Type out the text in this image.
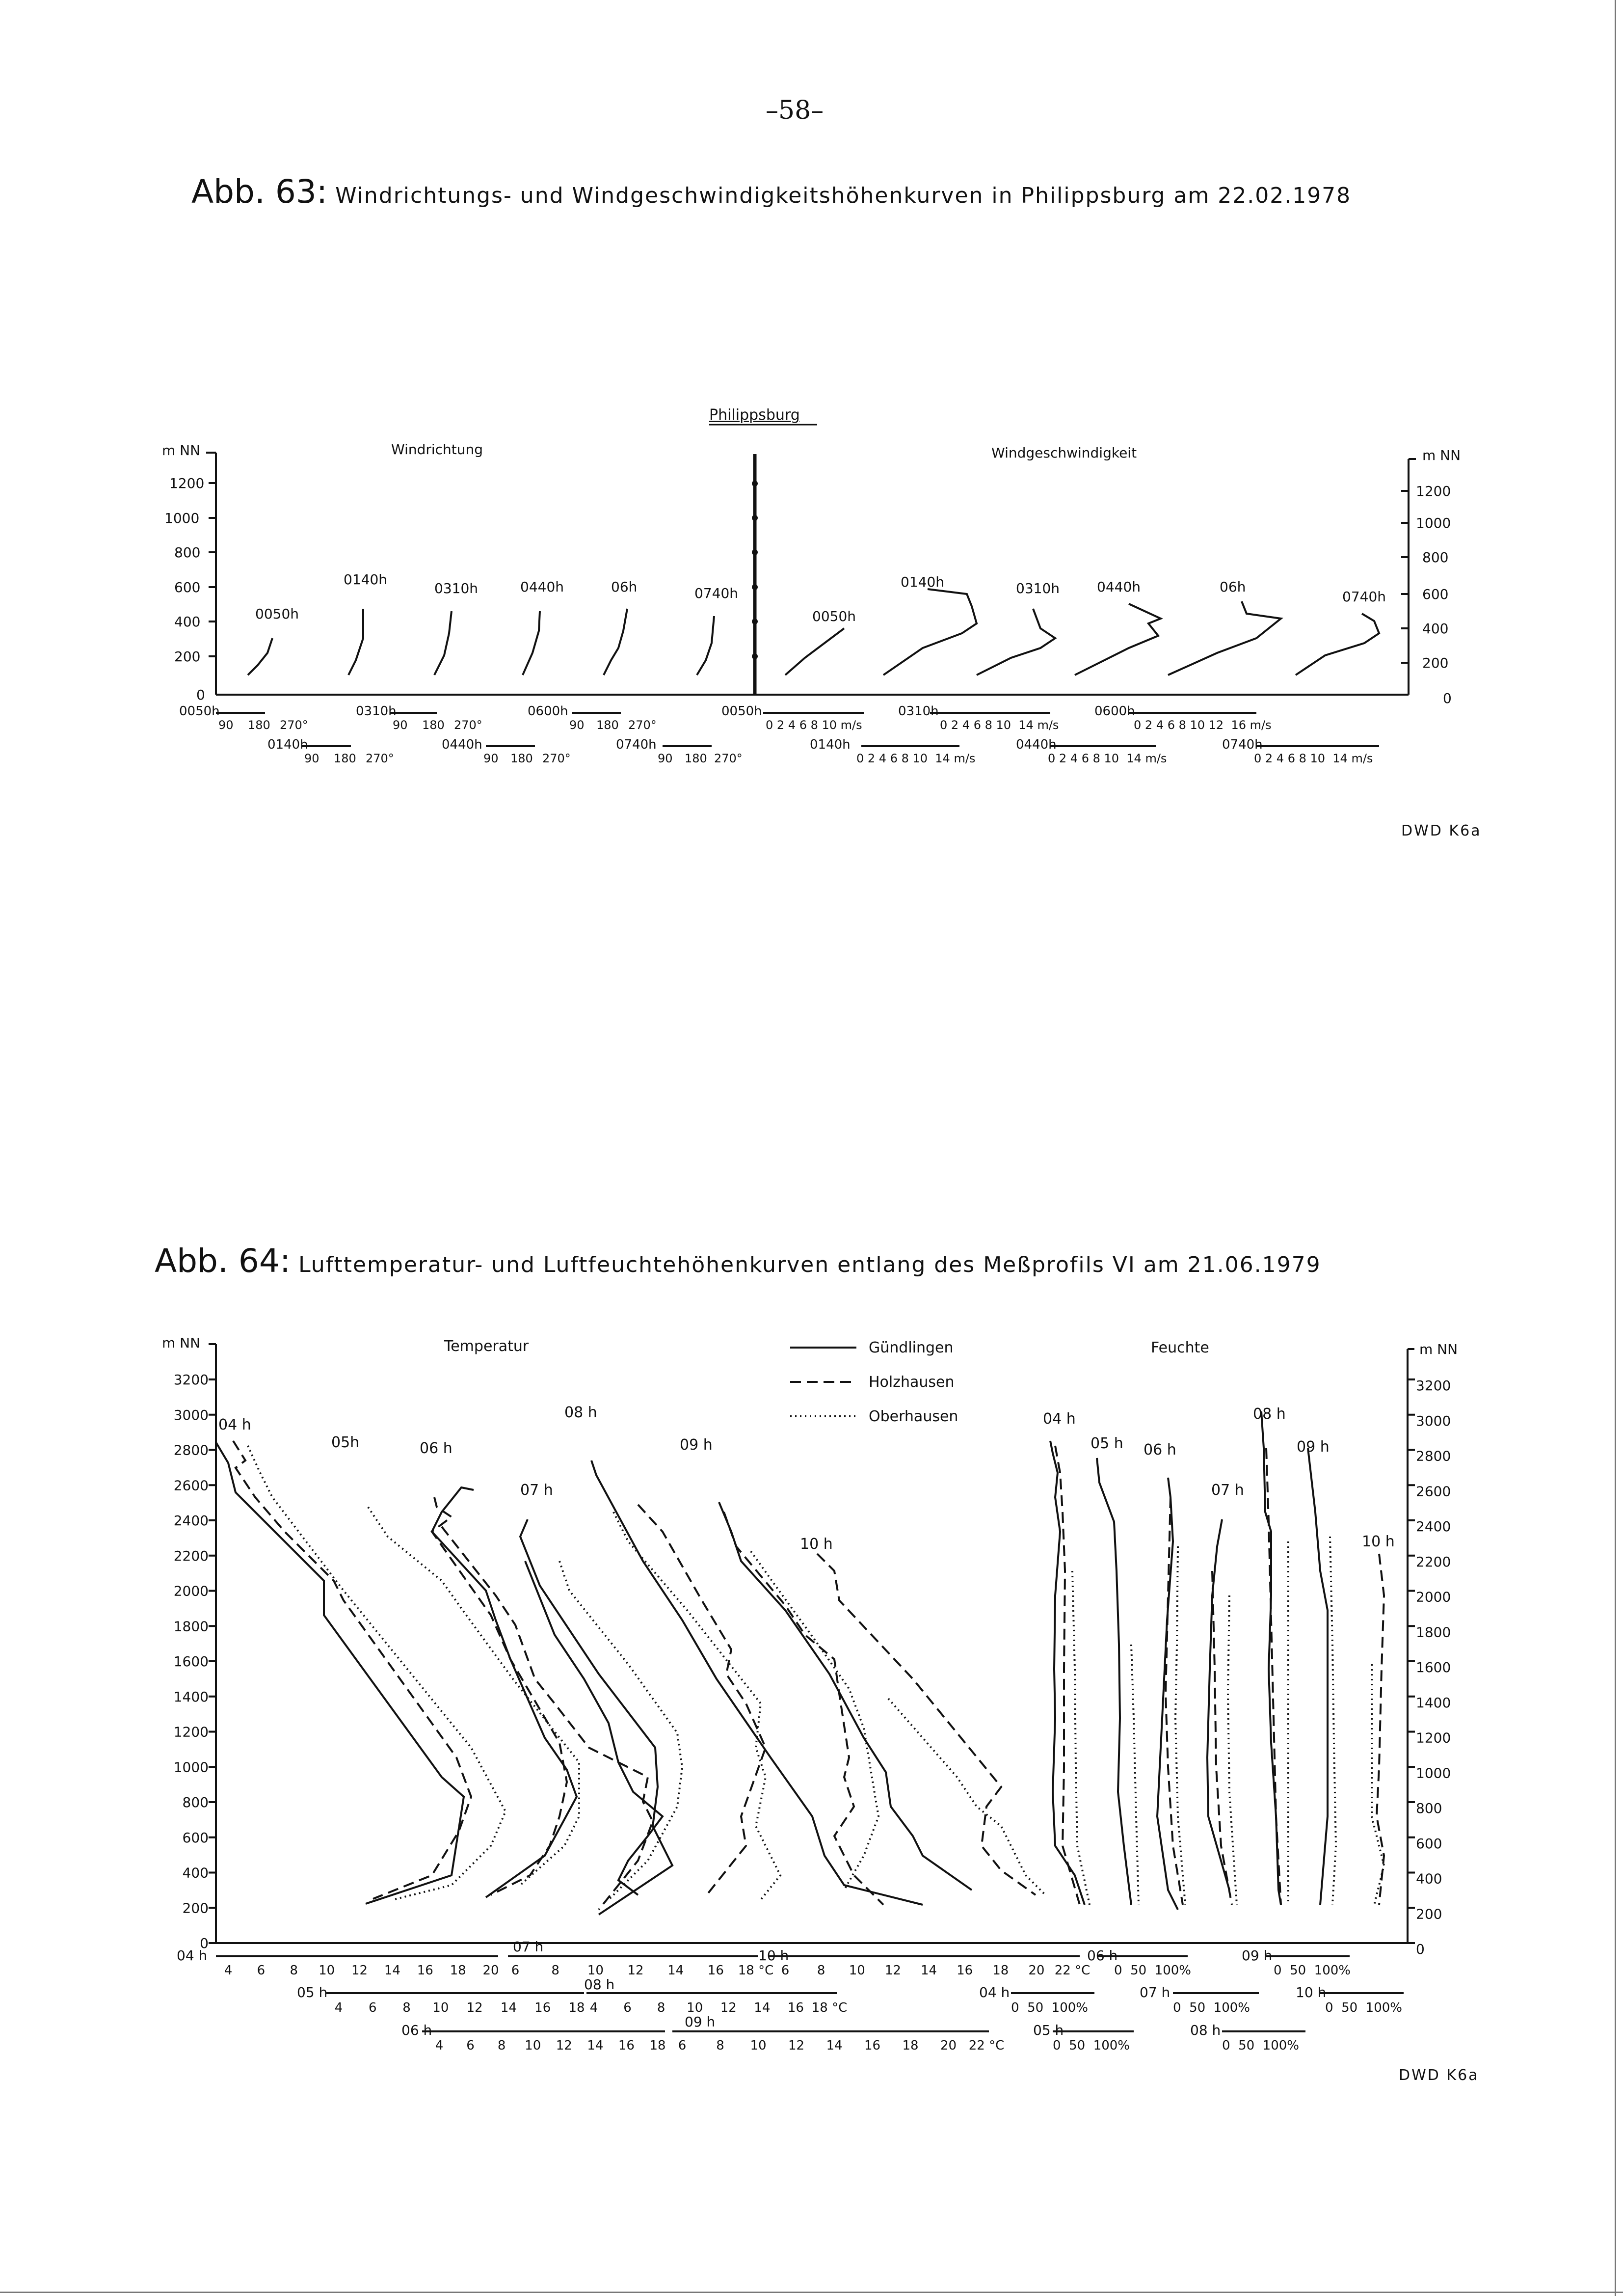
–58–
Abb. 63: Windrichtungs- und Windgeschwindigkeitshöhenkurven in Philippsburg am 22.02.1978
Philippsburg
Windrichtung	Windgeschwindigkeit
m NN	m NN
1200
1000
800
600
400
200
0
1200
1000
800
600
400
200
0
0050h
0140h
0310h	0440h	06h	0740h
0050h
0140h	0310h	0440h	06h
0740h
0050h
0140h
0310h
0440h
0600h
0740h
90 180 270°
90 180 270°
90 180 270°
90 180 270°
90 180 270°
90 180 270°
0050h
0140h
0310h
0440h
0600h
0740h
0 2 4 6 8 10 m/s
0 2 4 6 8 10  14 m/s
0 2 4 6 8 10  14 m/s
0 2 4 6 8 10  14 m/s
0 2 4 6 8 10 12  16 m/s
0 2 4 6 8 10  14 m/s
DWD K6a
Abb. 64: Lufttemperatur- und Luftfeuchtehöhenkurven entlang des Meßprofils VI am 21.06.1979
Gündlingen
Holzhausen
Oberhausen
Temperatur	Feuchte
m NN	m NN
0	0
200	200
400	400
600	600
800	800
1000	1000
1200	1200
1400	1400
1600	1600
1800	1800
2000	2000
2200	2200
2400	2400
2600	2600
2800	2800
3000	3000
3200	3200
04 h
05h	06 h
07 h
08 h
09 h
10 h
04 h
05 h 06 h
07 h
08 h
09 h
10 h
04 h
07 h
10 h
05 h	08 h
06 h
09 h
4 6 8 10 12 14 16 18 20 6	8 10 12 14 16 18 °C 6 8 10 12 14 16 18 20 22 °C
4 6 8 10 12 14 16 18 4 6 8 10 12 14 16 18 °C
4 6 8 10 12 14 16 18 6 8 10 12 14 16 18 20 22 °C
06 h
0  50  100%
09 h
0  50  100%
04 h
0  50  100%
07 h
0  50  100%
10 h
0  50  100%
05 h
0  50  100%
08 h
0  50  100%
DWD K6a
